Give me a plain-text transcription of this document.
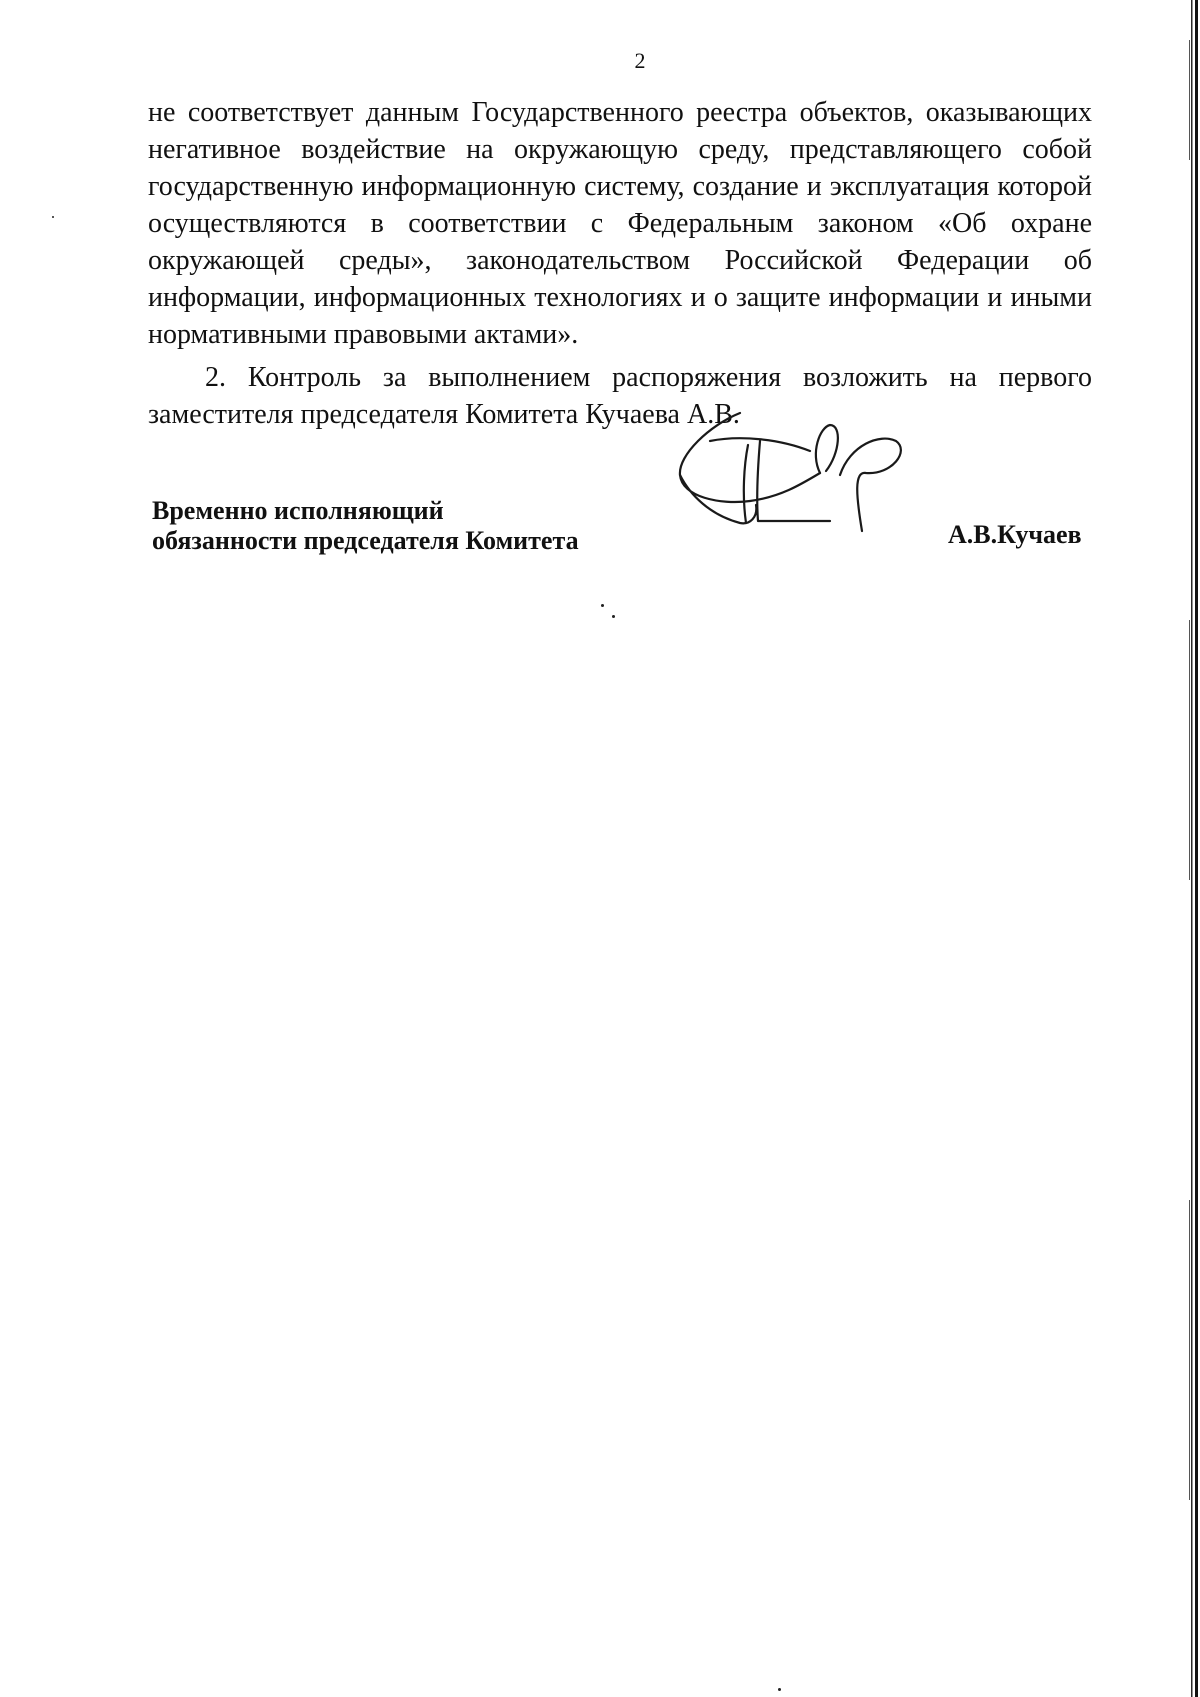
2

не соответствует данным Государственного реестра объектов, оказывающих негативное воздействие на окружающую среду, представляющего собой государственную информационную систему, создание и эксплуатация которой осуществляются в соответствии с Федеральным законом «Об охране окружающей среды», законодательством Российской Федерации об информации, информационных технологиях и о защите информации и иными нормативными правовыми актами».

2. Контроль за выполнением распоряжения возложить на первого заместителя председателя Комитета Кучаева А.В.

Временно исполняющий
обязанности председателя Комитета	А.В.Кучаев
